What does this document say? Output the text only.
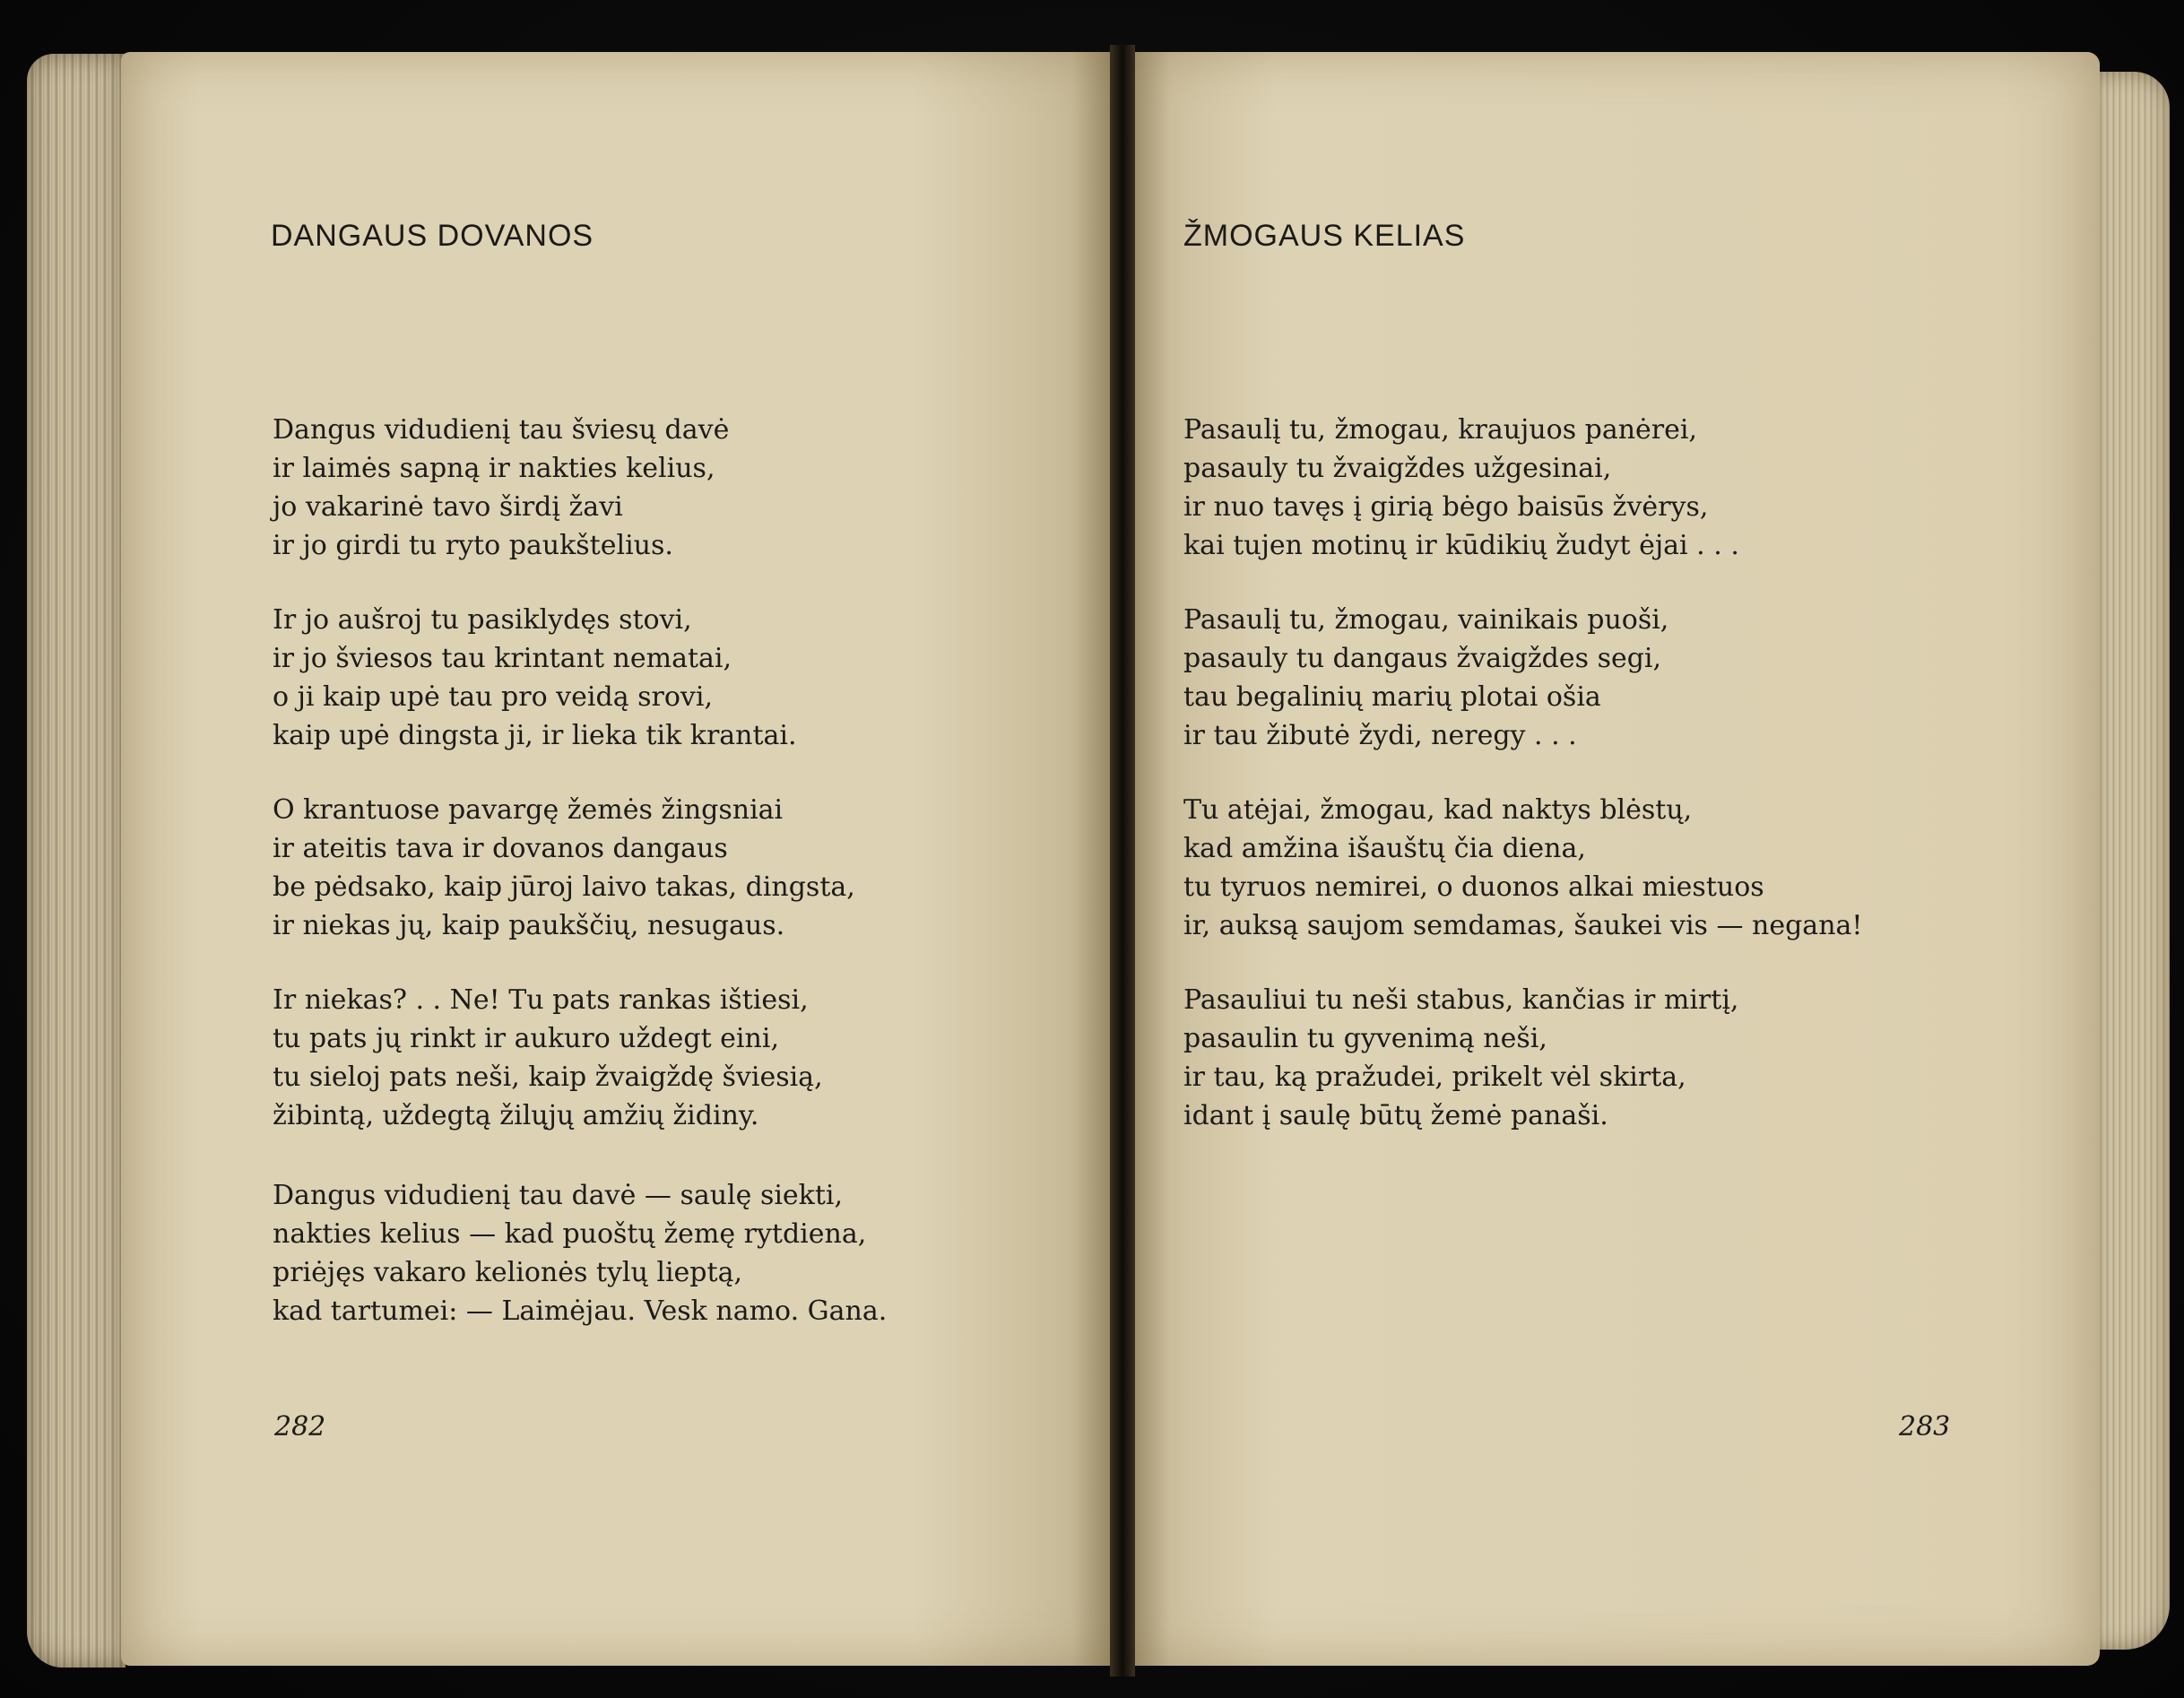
DANGAUS DOVANOS
Dangus vidudienį tau šviesų davė
ir laimės sapną ir nakties kelius,
jo vakarinė tavo širdį žavi
ir jo girdi tu ryto paukštelius.
Ir jo aušroj tu pasiklydęs stovi,
ir jo šviesos tau krintant nematai,
o ji kaip upė tau pro veidą srovi,
kaip upė dingsta ji, ir lieka tik krantai.
O krantuose pavargę žemės žingsniai
ir ateitis tava ir dovanos dangaus
be pėdsako, kaip jūroj laivo takas, dingsta,
ir niekas jų, kaip paukščių, nesugaus.
Ir niekas? . . Ne! Tu pats rankas ištiesi,
tu pats jų rinkt ir aukuro uždegt eini,
tu sieloj pats neši, kaip žvaigždę šviesią,
žibintą, uždegtą žilųjų amžių židiny.
Dangus vidudienį tau davė — saulę siekti,
nakties kelius — kad puoštų žemę rytdiena,
priėjęs vakaro kelionės tylų lieptą,
kad tartumei: — Laimėjau. Vesk namo. Gana.
282
ŽMOGAUS KELIAS
Pasaulį tu, žmogau, kraujuos panėrei,
pasauly tu žvaigždes užgesinai,
ir nuo tavęs į girią bėgo baisūs žvėrys,
kai tujen motinų ir kūdikių žudyt ėjai . . .
Pasaulį tu, žmogau, vainikais puoši,
pasauly tu dangaus žvaigždes segi,
tau begalinių marių plotai ošia
ir tau žibutė žydi, neregy . . .
Tu atėjai, žmogau, kad naktys blėstų,
kad amžina išauštų čia diena,
tu tyruos nemirei, o duonos alkai miestuos
ir, auksą saujom semdamas, šaukei vis — negana!
Pasauliui tu neši stabus, kančias ir mirtį,
pasaulin tu gyvenimą neši,
ir tau, ką pražudei, prikelt vėl skirta,
idant į saulę būtų žemė panaši.
283
